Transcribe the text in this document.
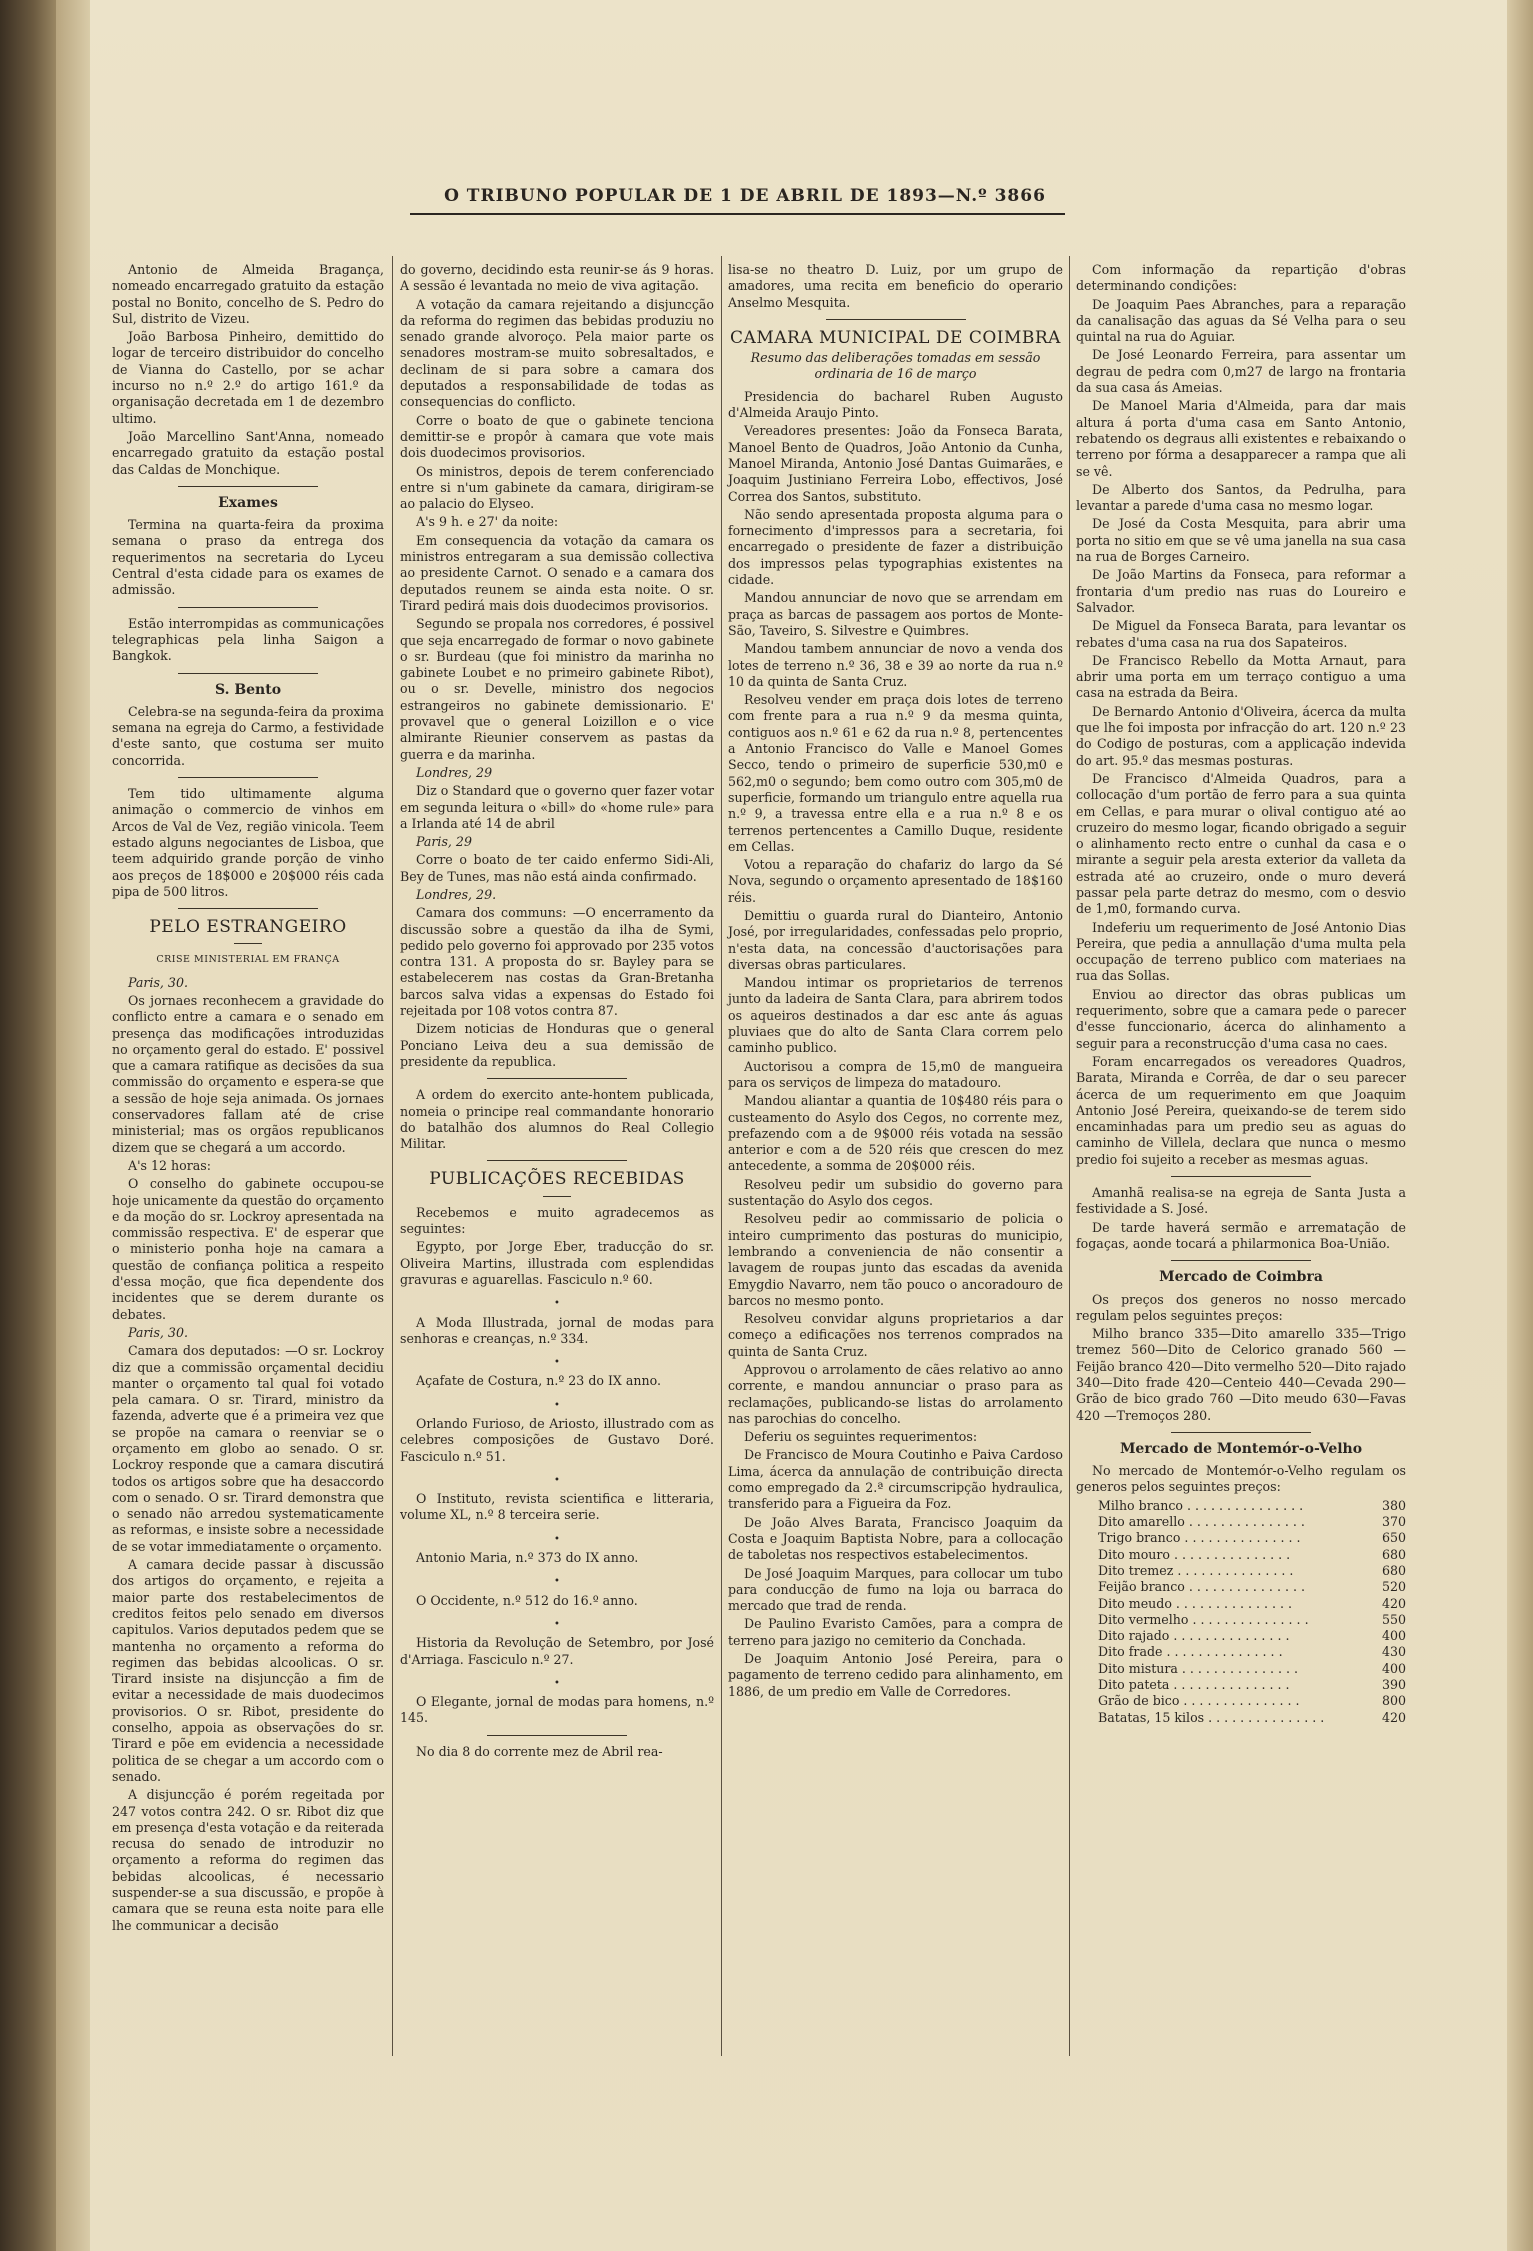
O TRIBUNO POPULAR DE 1 DE ABRIL DE 1893—N.º 3866

Antonio de Almeida Bragança, nomeado encarregado gratuito da estação postal no Bonito, concelho de S. Pedro do Sul, distrito de Vizeu.

João Barbosa Pinheiro, demittido do logar de terceiro distribuidor do concelho de Vianna do Castello, por se achar incurso no n.º 2.º do artigo 161.º da organisação decretada em 1 de dezembro ultimo.

João Marcellino Sant'Anna, nomeado encarregado gratuito da estação postal das Caldas de Monchique.

Exames

Termina na quarta-feira da proxima semana o praso da entrega dos requerimentos na secretaria do Lyceu Central d'esta cidade para os exames de admissão.

Estão interrompidas as communicações telegraphicas pela linha Saigon a Bangkok.

S. Bento

Celebra-se na segunda-feira da proxima semana na egreja do Carmo, a festividade d'este santo, que costuma ser muito concorrida.

Tem tido ultimamente alguma animação o commercio de vinhos em Arcos de Val de Vez, região vinicola. Teem estado alguns negociantes de Lisboa, que teem adquirido grande porção de vinho aos preços de 18$000 e 20$000 réis cada pipa de 500 litros.

PELO ESTRANGEIRO
CRISE MINISTERIAL EM FRANÇA

Paris, 30.

Os jornaes reconhecem a gravidade do conflicto entre a camara e o senado em presença das modificações introduzidas no orçamento geral do estado. E' possivel que a camara ratifique as decisões da sua commissão do orçamento e espera-se que a sessão de hoje seja animada. Os jornaes conservadores fallam até de crise ministerial; mas os orgãos republicanos dizem que se chegará a um accordo.

A's 12 horas:

O conselho do gabinete occupou-se hoje unicamente da questão do orçamento e da moção do sr. Lockroy apresentada na commissão respectiva. E' de esperar que o ministerio ponha hoje na camara a questão de confiança politica a respeito d'essa moção, que fica dependente dos incidentes que se derem durante os debates.

Paris, 30.

Camara dos deputados: —O sr. Lockroy diz que a commissão orçamental decidiu manter o orçamento tal qual foi votado pela camara. O sr. Tirard, ministro da fazenda, adverte que é a primeira vez que se propõe na camara o reenviar se o orçamento em globo ao senado. O sr. Lockroy responde que a camara discutirá todos os artigos sobre que ha desaccordo com o senado. O sr. Tirard demonstra que o senado não arredou systematicamente as reformas, e insiste sobre a necessidade de se votar immediatamente o orçamento.

A camara decide passar à discussão dos artigos do orçamento, e rejeita a maior parte dos restabelecimentos de creditos feitos pelo senado em diversos capitulos. Varios deputados pedem que se mantenha no orçamento a reforma do regimen das bebidas alcoolicas. O sr. Tirard insiste na disjuncção a fim de evitar a necessidade de mais duodecimos provisorios. O sr. Ribot, presidente do conselho, appoia as observações do sr. Tirard e põe em evidencia a necessidade politica de se chegar a um accordo com o senado.

A disjuncção é porém regeitada por 247 votos contra 242. O sr. Ribot diz que em presença d'esta votação e da reiterada recusa do senado de introduzir no orçamento a reforma do regimen das bebidas alcoolicas, é necessario suspender-se a sua discussão, e propõe à camara que se reuna esta noite para elle lhe communicar a decisão

do governo, decidindo esta reunir-se ás 9 horas. A sessão é levantada no meio de viva agitação.

A votação da camara rejeitando a disjuncção da reforma do regimen das bebidas produziu no senado grande alvoroço. Pela maior parte os senadores mostram-se muito sobresaltados, e declinam de si para sobre a camara dos deputados a responsabilidade de todas as consequencias do conflicto.

Corre o boato de que o gabinete tenciona demittir-se e propôr à camara que vote mais dois duodecimos provisorios.

Os ministros, depois de terem conferenciado entre si n'um gabinete da camara, dirigiram-se ao palacio do Elyseo.

A's 9 h. e 27' da noite:

Em consequencia da votação da camara os ministros entregaram a sua demissão collectiva ao presidente Carnot. O senado e a camara dos deputados reunem se ainda esta noite. O sr. Tirard pedirá mais dois duodecimos provisorios.

Segundo se propala nos corredores, é possivel que seja encarregado de formar o novo gabinete o sr. Burdeau (que foi ministro da marinha no gabinete Loubet e no primeiro gabinete Ribot), ou o sr. Develle, ministro dos negocios estrangeiros no gabinete demissionario. E' provavel que o general Loizillon e o vice almirante Rieunier conservem as pastas da guerra e da marinha.

Londres, 29

Diz o Standard que o governo quer fazer votar em segunda leitura o «bill» do «home rule» para a Irlanda até 14 de abril

Paris, 29

Corre o boato de ter caido enfermo Sidi-Ali, Bey de Tunes, mas não está ainda confirmado.

Londres, 29.

Camara dos communs: —O encerramento da discussão sobre a questão da ilha de Symi, pedido pelo governo foi approvado por 235 votos contra 131. A proposta do sr. Bayley para se estabelecerem nas costas da Gran-Bretanha barcos salva vidas a expensas do Estado foi rejeitada por 108 votos contra 87.

Dizem noticias de Honduras que o general Ponciano Leiva deu a sua demissão de presidente da republica.

A ordem do exercito ante-hontem publicada, nomeia o principe real commandante honorario do batalhão dos alumnos do Real Collegio Militar.

PUBLICAÇÕES RECEBIDAS

Recebemos e muito agradecemos as seguintes:

Egypto, por Jorge Eber, traducção do sr. Oliveira Martins, illustrada com esplendidas gravuras e aguarellas. Fasciculo n.º 60.

•

A Moda Illustrada, jornal de modas para senhoras e creanças, n.º 334.

•

Açafate de Costura, n.º 23 do IX anno.

•

Orlando Furioso, de Ariosto, illustrado com as celebres composições de Gustavo Doré. Fasciculo n.º 51.

•

O Instituto, revista scientifica e litteraria, volume XL, n.º 8 terceira serie.

•

Antonio Maria, n.º 373 do IX anno.

•

O Occidente, n.º 512 do 16.º anno.

•

Historia da Revolução de Setembro, por José d'Arriaga. Fasciculo n.º 27.

•

O Elegante, jornal de modas para homens, n.º 145.

No dia 8 do corrente mez de Abril rea-

lisa-se no theatro D. Luiz, por um grupo de amadores, uma recita em beneficio do operario Anselmo Mesquita.

CAMARA MUNICIPAL DE COIMBRA
Resumo das deliberações tomadas em sessão ordinaria de 16 de março

Presidencia do bacharel Ruben Augusto d'Almeida Araujo Pinto.

Vereadores presentes: João da Fonseca Barata, Manoel Bento de Quadros, João Antonio da Cunha, Manoel Miranda, Antonio José Dantas Guimarães, e Joaquim Justiniano Ferreira Lobo, effectivos, José Correa dos Santos, substituto.

Não sendo apresentada proposta alguma para o fornecimento d'impressos para a secretaria, foi encarregado o presidente de fazer a distribuição dos impressos pelas typographias existentes na cidade.

Mandou annunciar de novo que se arrendam em praça as barcas de passagem aos portos de Monte-São, Taveiro, S. Silvestre e Quimbres.

Mandou tambem annunciar de novo a venda dos lotes de terreno n.º 36, 38 e 39 ao norte da rua n.º 10 da quinta de Santa Cruz.

Resolveu vender em praça dois lotes de terreno com frente para a rua n.º 9 da mesma quinta, contiguos aos n.º 61 e 62 da rua n.º 8, pertencentes a Antonio Francisco do Valle e Manoel Gomes Secco, tendo o primeiro de superficie 530,m0 e 562,m0 o segundo; bem como outro com 305,m0 de superficie, formando um triangulo entre aquella rua n.º 9, a travessa entre ella e a rua n.º 8 e os terrenos pertencentes a Camillo Duque, residente em Cellas.

Votou a reparação do chafariz do largo da Sé Nova, segundo o orçamento apresentado de 18$160 réis.

Demittiu o guarda rural do Dianteiro, Antonio José, por irregularidades, confessadas pelo proprio, n'esta data, na concessão d'auctorisações para diversas obras particulares.

Mandou intimar os proprietarios de terrenos junto da ladeira de Santa Clara, para abrirem todos os aqueiros destinados a dar esc ante ás aguas pluviaes que do alto de Santa Clara correm pelo caminho publico.

Auctorisou a compra de 15,m0 de mangueira para os serviços de limpeza do matadouro.

Mandou aliantar a quantia de 10$480 réis para o custeamento do Asylo dos Cegos, no corrente mez, prefazendo com a de 9$000 réis votada na sessão anterior e com a de 520 réis que crescen do mez antecedente, a somma de 20$000 réis.

Resolveu pedir um subsidio do governo para sustentação do Asylo dos cegos.

Resolveu pedir ao commissario de policia o inteiro cumprimento das posturas do municipio, lembrando a conveniencia de não consentir a lavagem de roupas junto das escadas da avenida Emygdio Navarro, nem tão pouco o ancoradouro de barcos no mesmo ponto.

Resolveu convidar alguns proprietarios a dar começo a edificações nos terrenos comprados na quinta de Santa Cruz.

Approvou o arrolamento de cães relativo ao anno corrente, e mandou annunciar o praso para as reclamações, publicando-se listas do arrolamento nas parochias do concelho.

Deferiu os seguintes requerimentos:

De Francisco de Moura Coutinho e Paiva Cardoso Lima, ácerca da annulação de contribuição directa como empregado da 2.ª circumscripção hydraulica, transferido para a Figueira da Foz.

De João Alves Barata, Francisco Joaquim da Costa e Joaquim Baptista Nobre, para a collocação de taboletas nos respectivos estabelecimentos.

De José Joaquim Marques, para collocar um tubo para conducção de fumo na loja ou barraca do mercado que trad de renda.

De Paulino Evaristo Camões, para a compra de terreno para jazigo no cemiterio da Conchada.

De Joaquim Antonio José Pereira, para o pagamento de terreno cedido para alinhamento, em 1886, de um predio em Valle de Corredores.

Com informação da repartição d'obras determinando condições:

De Joaquim Paes Abranches, para a reparação da canalisação das aguas da Sé Velha para o seu quintal na rua do Aguiar.

De José Leonardo Ferreira, para assentar um degrau de pedra com 0,m27 de largo na frontaria da sua casa ás Ameias.

De Manoel Maria d'Almeida, para dar mais altura á porta d'uma casa em Santo Antonio, rebatendo os degraus alli existentes e rebaixando o terreno por fórma a desapparecer a rampa que ali se vê.

De Alberto dos Santos, da Pedrulha, para levantar a parede d'uma casa no mesmo logar.

De José da Costa Mesquita, para abrir uma porta no sitio em que se vê uma janella na sua casa na rua de Borges Carneiro.

De João Martins da Fonseca, para reformar a frontaria d'um predio nas ruas do Loureiro e Salvador.

De Miguel da Fonseca Barata, para levantar os rebates d'uma casa na rua dos Sapateiros.

De Francisco Rebello da Motta Arnaut, para abrir uma porta em um terraço contiguo a uma casa na estrada da Beira.

De Bernardo Antonio d'Oliveira, ácerca da multa que lhe foi imposta por infracção do art. 120 n.º 23 do Codigo de posturas, com a applicação indevida do art. 95.º das mesmas posturas.

De Francisco d'Almeida Quadros, para a collocação d'um portão de ferro para a sua quinta em Cellas, e para murar o olival contiguo até ao cruzeiro do mesmo logar, ficando obrigado a seguir o alinhamento recto entre o cunhal da casa e o mirante a seguir pela aresta exterior da valleta da estrada até ao cruzeiro, onde o muro deverá passar pela parte detraz do mesmo, com o desvio de 1,m0, formando curva.

Indeferiu um requerimento de José Antonio Dias Pereira, que pedia a annullação d'uma multa pela occupação de terreno publico com materiaes na rua das Sollas.

Enviou ao director das obras publicas um requerimento, sobre que a camara pede o parecer d'esse funccionario, ácerca do alinhamento a seguir para a reconstrucção d'uma casa no caes.

Foram encarregados os vereadores Quadros, Barata, Miranda e Corrêa, de dar o seu parecer ácerca de um requerimento em que Joaquim Antonio José Pereira, queixando-se de terem sido encaminhadas para um predio seu as aguas do caminho de Villela, declara que nunca o mesmo predio foi sujeito a receber as mesmas aguas.

Amanhã realisa-se na egreja de Santa Justa a festividade a S. José.

De tarde haverá sermão e arrematação de fogaças, aonde tocará a philarmonica Boa-União.

Mercado de Coimbra

Os preços dos generos no nosso mercado regulam pelos seguintes preços:

Milho branco 335—Dito amarello 335—Trigo tremez 560—Dito de Celorico granado 560 — Feijão branco 420—Dito vermelho 520—Dito rajado 340—Dito frade 420—Centeio 440—Cevada 290—Grão de bico grado 760 —Dito meudo 630—Favas 420 —Tremoços 280.

Mercado de Montemór-o-Velho

No mercado de Montemór-o-Velho regulam os generos pelos seguintes preços:

Milho branco . . . . . . . . . . . . . . .	380
Dito amarello . . . . . . . . . . . . . . .	370
Trigo branco . . . . . . . . . . . . . . .	650
Dito mouro . . . . . . . . . . . . . . .	680
Dito tremez . . . . . . . . . . . . . . .	680
Feijão branco . . . . . . . . . . . . . . .	520
Dito meudo . . . . . . . . . . . . . . .	420
Dito vermelho . . . . . . . . . . . . . . .	550
Dito rajado . . . . . . . . . . . . . . .	400
Dito frade . . . . . . . . . . . . . . .	430
Dito mistura . . . . . . . . . . . . . . .	400
Dito pateta . . . . . . . . . . . . . . .	390
Grão de bico . . . . . . . . . . . . . . .	800
Batatas, 15 kilos . . . . . . . . . . . . . . .	420
